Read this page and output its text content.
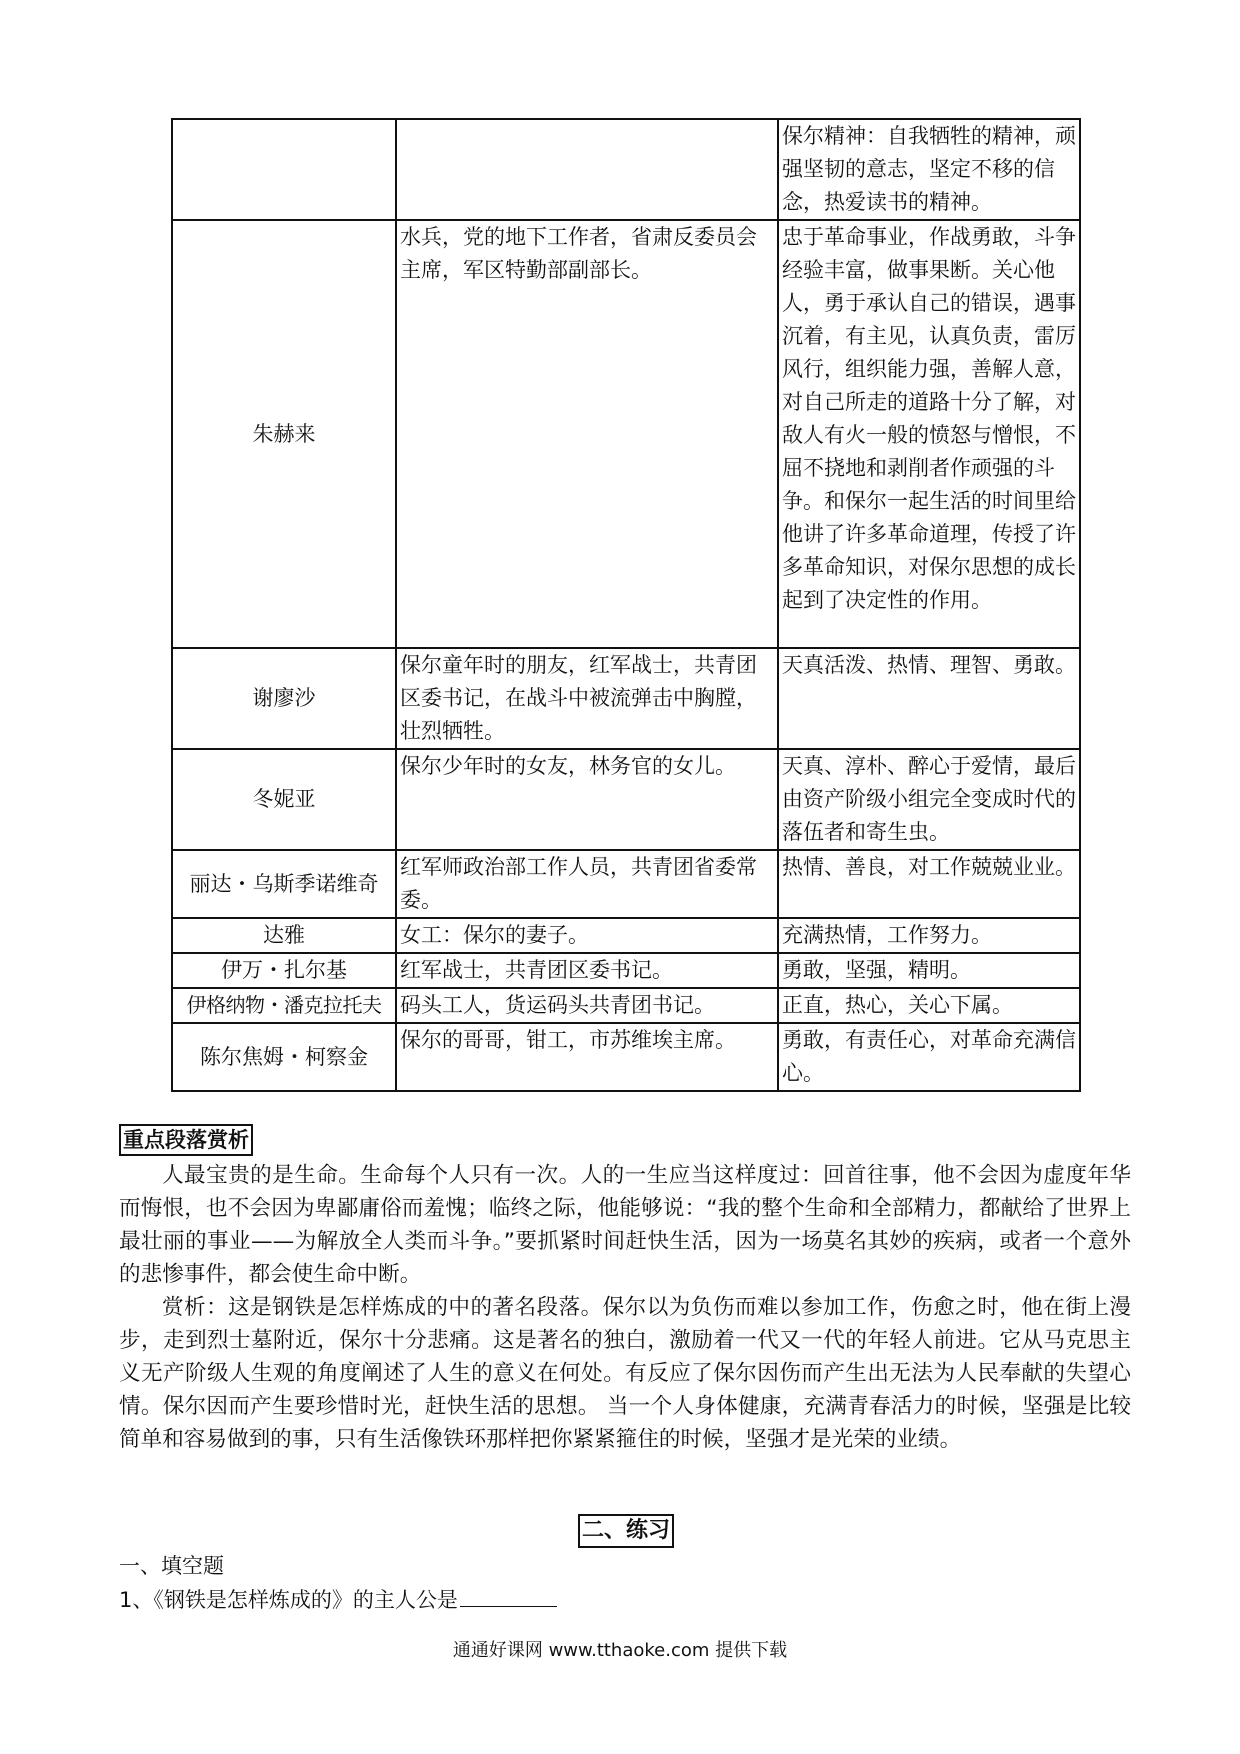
		保尔精神：自我牺牲的精神，顽强坚韧的意志，坚定不移的信念，热爱读书的精神。
朱赫来	水兵，党的地下工作者，省肃反委员会主席，军区特勤部副部长。	忠于革命事业，作战勇敢，斗争经验丰富，做事果断。关心他人，勇于承认自己的错误，遇事沉着，有主见，认真负责，雷厉风行，组织能力强，善解人意，对自己所走的道路十分了解，对敌人有火一般的愤怒与憎恨，不屈不挠地和剥削者作顽强的斗争。和保尔一起生活的时间里给他讲了许多革命道理，传授了许多革命知识，对保尔思想的成长起到了决定性的作用。
谢廖沙	保尔童年时的朋友，红军战士，共青团区委书记，在战斗中被流弹击中胸膛，壮烈牺牲。	天真活泼、热情、理智、勇敢。
冬妮亚	保尔少年时的女友，林务官的女儿。	天真、淳朴、醉心于爱情，最后由资产阶级小组完全变成时代的落伍者和寄生虫。
丽达・乌斯季诺维奇	红军师政治部工作人员，共青团省委常委。	热情、善良，对工作兢兢业业。
达雅	女工：保尔的妻子。	充满热情，工作努力。
伊万・扎尔基	红军战士，共青团区委书记。	勇敢，坚强，精明。
伊格纳物・潘克拉托夫	码头工人，货运码头共青团书记。	正直，热心，关心下属。
陈尔焦姆・柯察金	保尔的哥哥，钳工，市苏维埃主席。	勇敢，有责任心，对革命充满信心。
重点段落赏析

人最宝贵的是生命。生命每个人只有一次。人的一生应当这样度过：回首往事，他不会因为虚度年华而悔恨，也不会因为卑鄙庸俗而羞愧；临终之际，他能够说：“我的整个生命和全部精力，都献给了世界上最壮丽的事业——为解放全人类而斗争。”要抓紧时间赶快生活，因为一场莫名其妙的疾病，或者一个意外的悲惨事件，都会使生命中断。

赏析：这是钢铁是怎样炼成的中的著名段落。保尔以为负伤而难以参加工作，伤愈之时，他在街上漫步，走到烈士墓附近，保尔十分悲痛。这是著名的独白，激励着一代又一代的年轻人前进。它从马克思主义无产阶级人生观的角度阐述了人生的意义在何处。有反应了保尔因伤而产生出无法为人民奉献的失望心情。保尔因而产生要珍惜时光，赶快生活的思想。 当一个人身体健康，充满青春活力的时候，坚强是比较简单和容易做到的事，只有生活像铁环那样把你紧紧箍住的时候，坚强才是光荣的业绩。

二、练习
一、填空题
1、《钢铁是怎样炼成的》的主人公是
通通好课网 www.tthaoke.com 提供下载
